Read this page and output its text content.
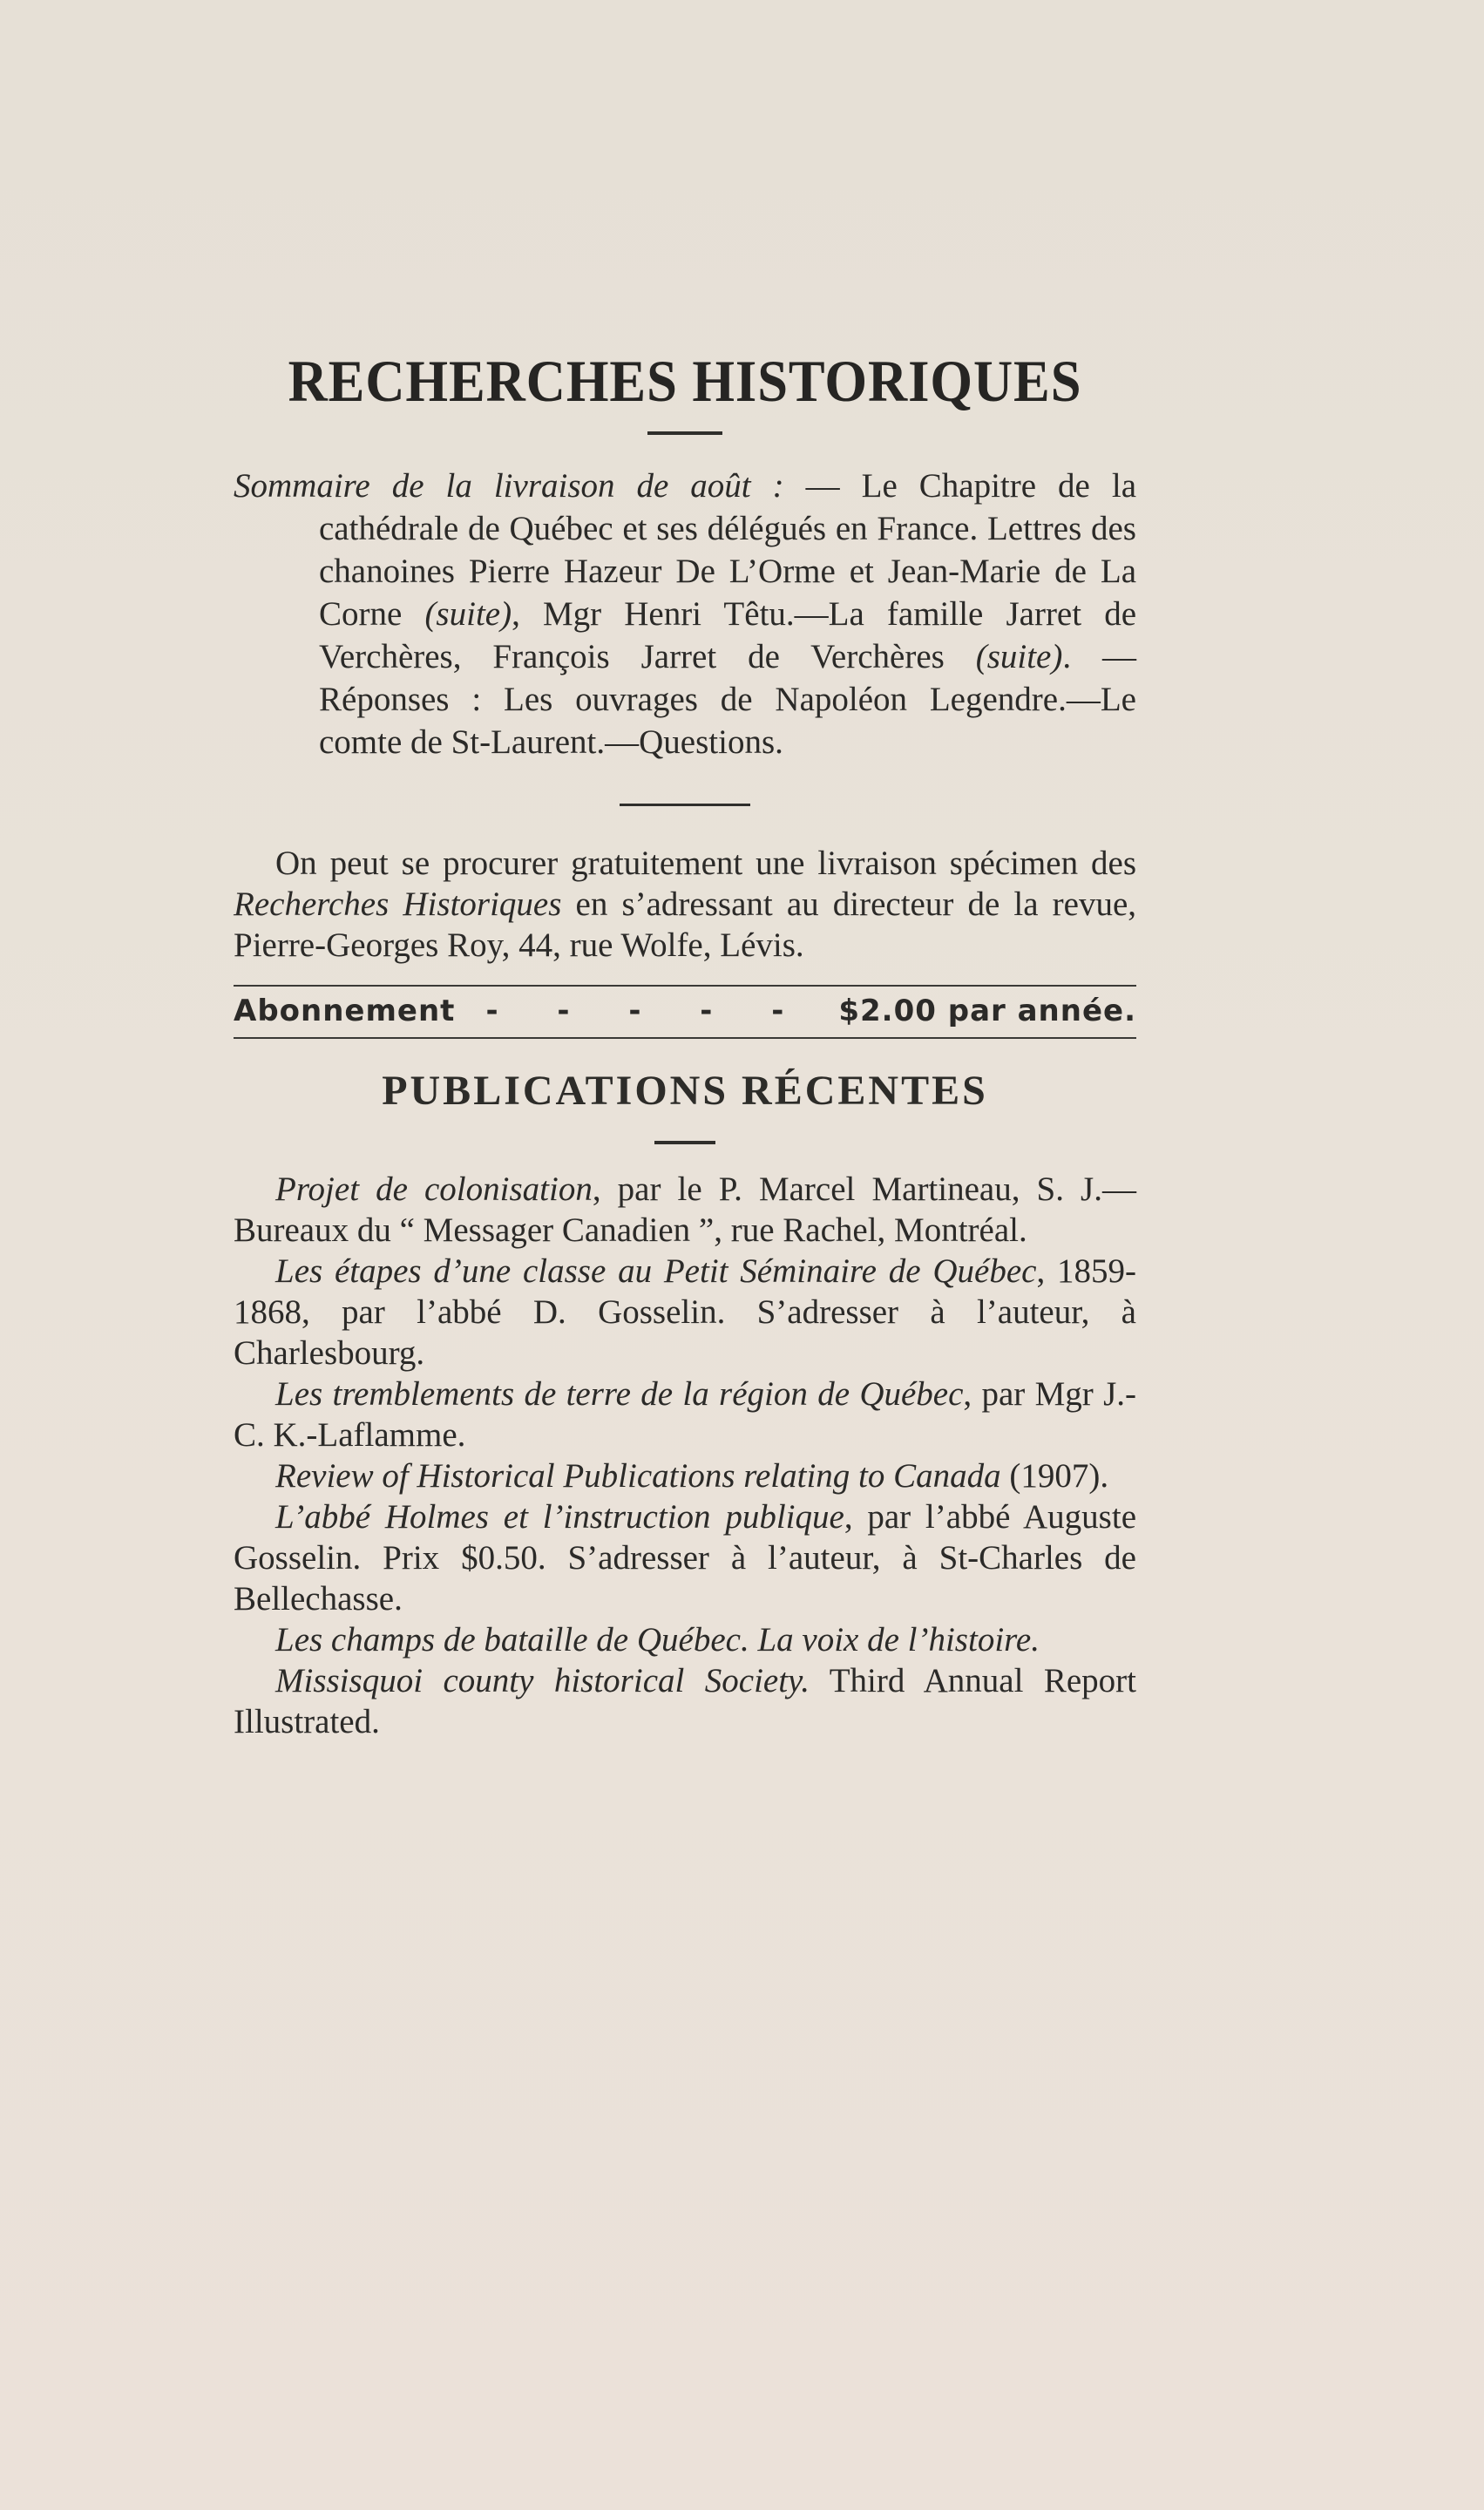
RECHERCHES HISTORIQUES

Sommaire de la livraison de août : — Le Chapitre de la cathédrale de Québec et ses délégués en France. Lettres des chanoines Pierre Hazeur De L’Orme et Jean-Marie de La Corne (suite), Mgr Henri Têtu.—La famille Jarret de Verchères, François Jarret de Verchères (suite). — Réponses : Les ouvrages de Napoléon Legendre.—Le comte de St-Laurent.—Questions.

On peut se procurer gratuitement une livraison spécimen des Recherches Historiques en s’adressant au directeur de la revue, Pierre-Georges Roy, 44, rue Wolfe, Lévis.

Abonnement - - - - - $2.00 par année.
PUBLICATIONS RÉCENTES

Projet de colonisation, par le P. Marcel Martineau, S. J.—Bureaux du “ Messager Canadien ”, rue Rachel, Montréal.

Les étapes d’une classe au Petit Séminaire de Québec, 1859-1868, par l’abbé D. Gosselin. S’adresser à l’auteur, à Charlesbourg.

Les tremblements de terre de la région de Québec, par Mgr J.-C. K.-Laflamme.

Review of Historical Publications relating to Canada (1907).

L’abbé Holmes et l’instruction publique, par l’abbé Auguste Gosselin. Prix $0.50. S’adresser à l’auteur, à St-Charles de Bellechasse.

Les champs de bataille de Québec. La voix de l’histoire.

Missisquoi county historical Society. Third Annual Report Illustrated.
